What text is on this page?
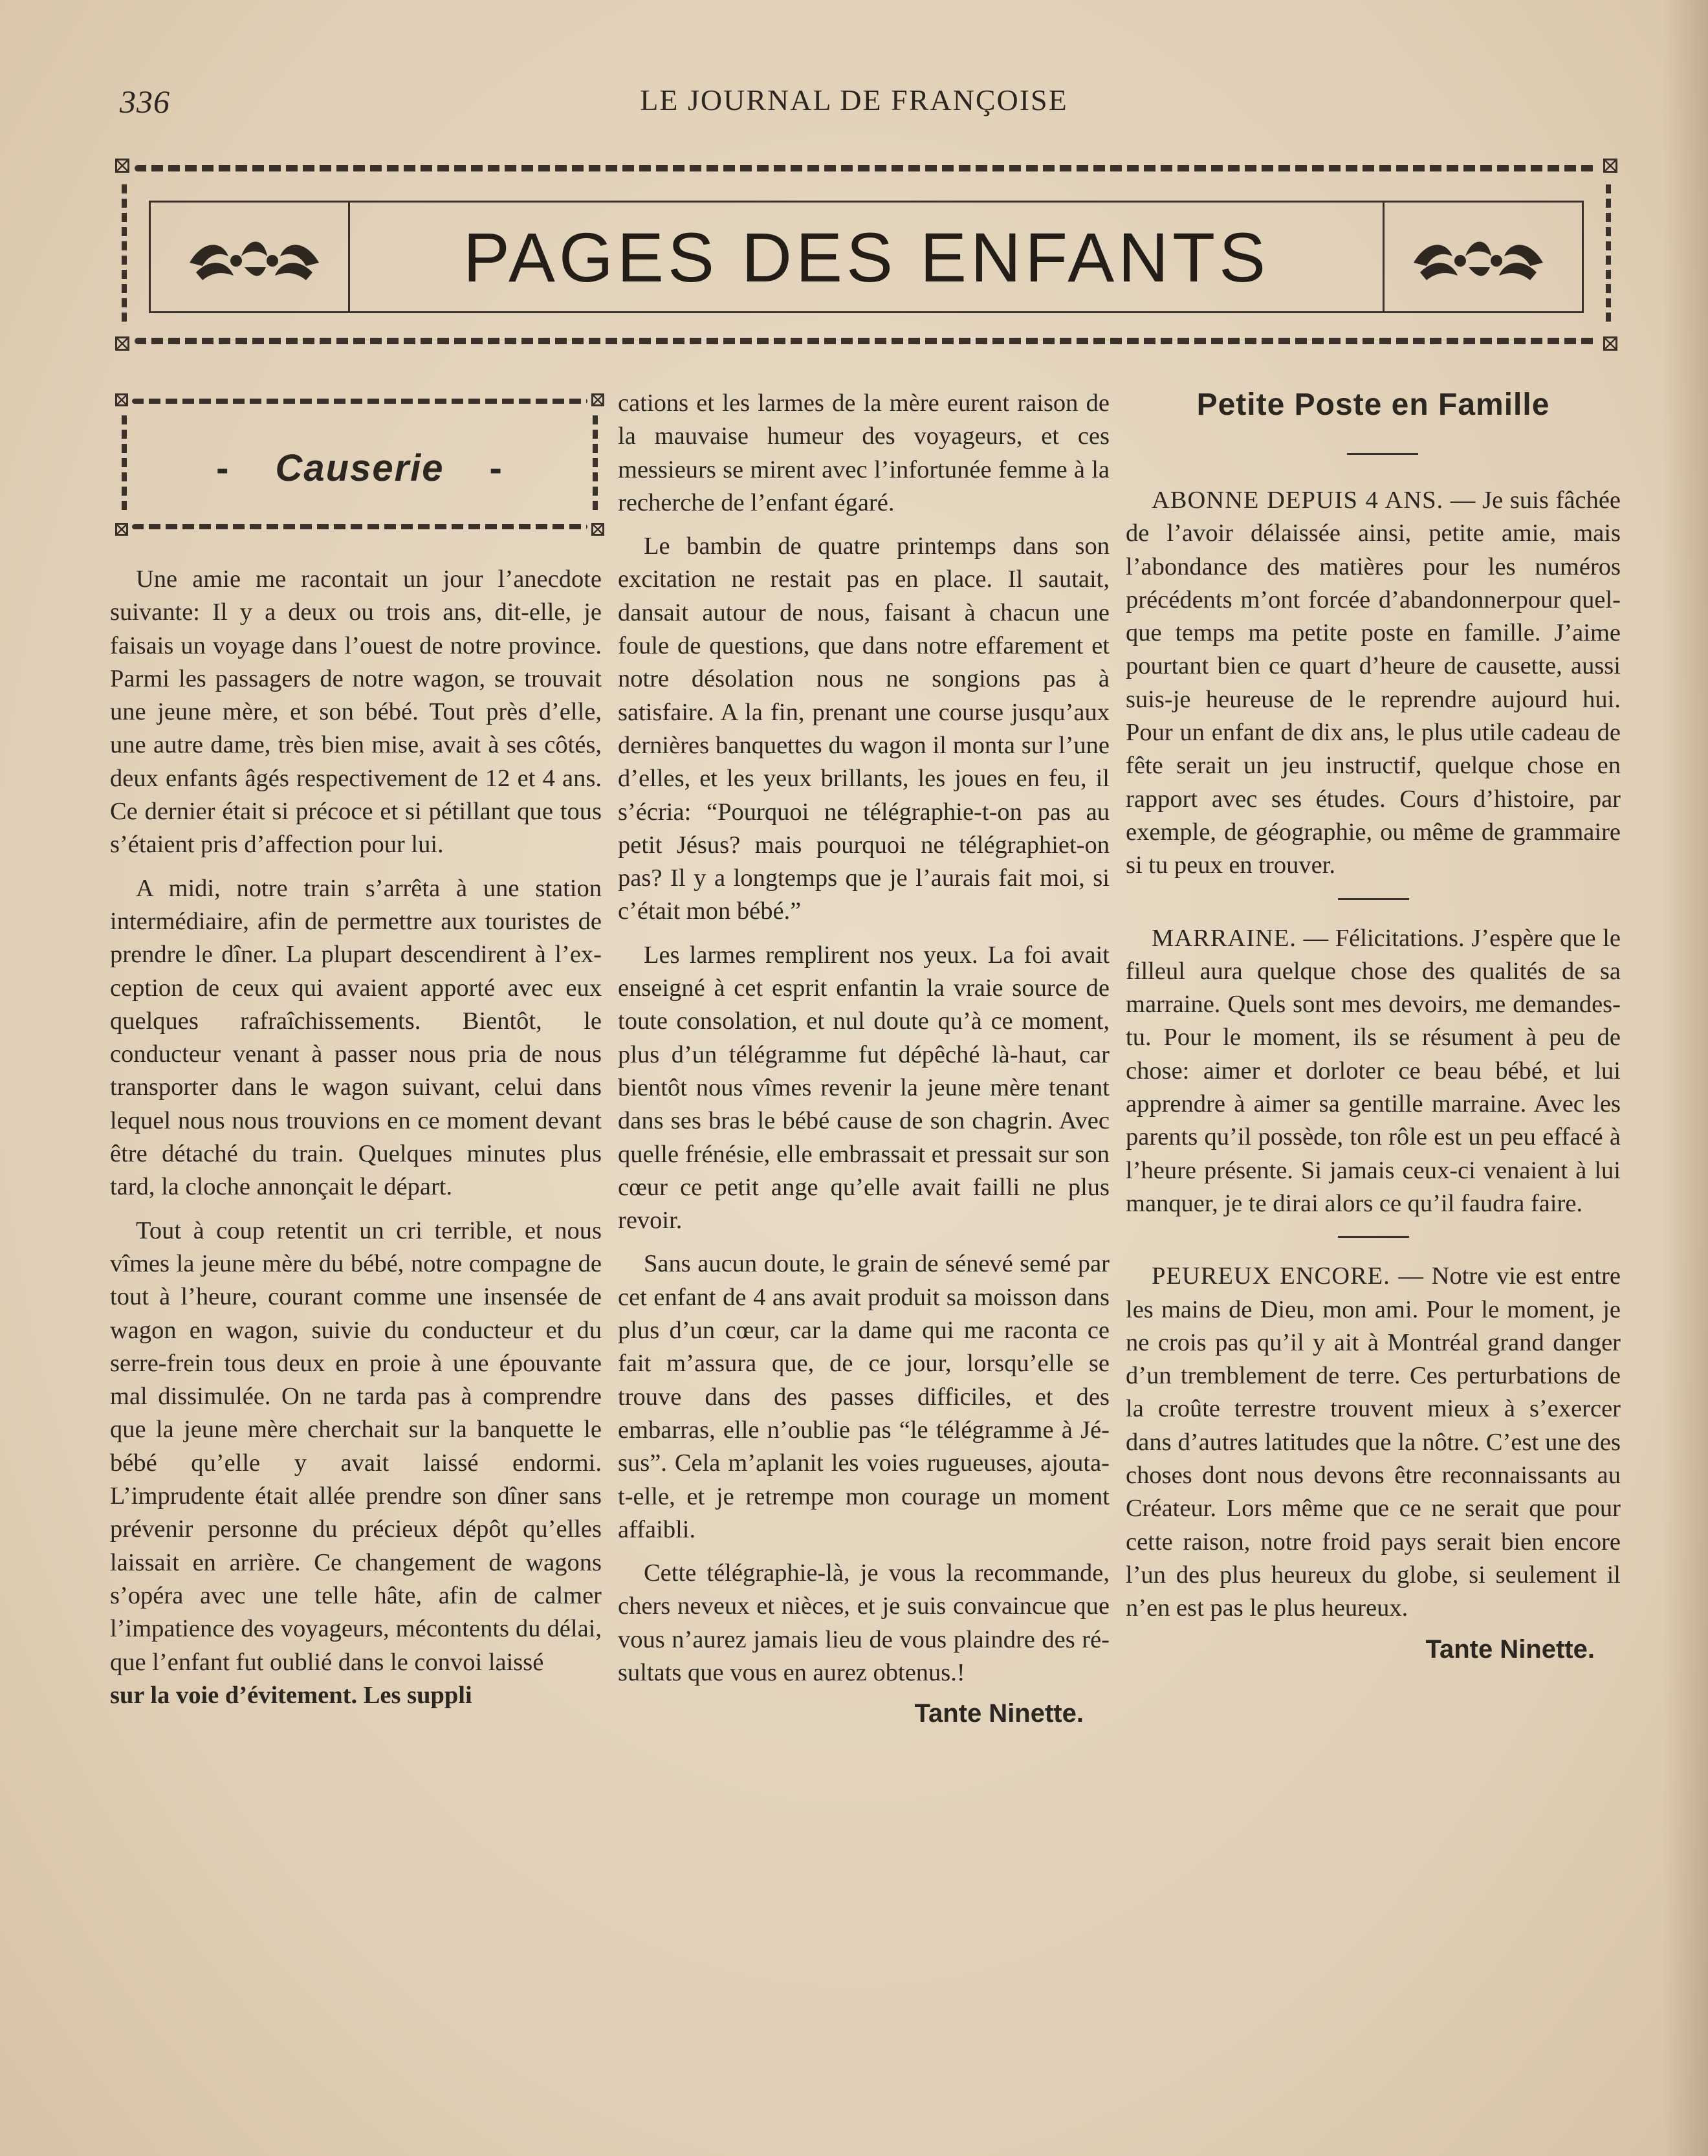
336	LE JOURNAL DE FRANÇOISE
PAGES DES ENFANTS
- Causerie -

Une amie me racontait un jour l’anecdote suivante: Il y a deux ou trois ans, dit-elle, je faisais un voyage dans l’ouest de notre province. Parmi les passagers de notre wagon, se trouvait une jeune mère, et son bébé. Tout près d’elle, une autre dame, très bien mise, avait à ses côtés, deux enfants âgés respectivement de 12 et 4 ans. Ce dernier était si précoce et si pétillant que tous s’étaient pris d’affection pour lui.

A midi, notre train s’arrêta à une station intermédiaire, afin de permettre aux touristes de prendre le dîner. La plupart descendirent à l’exception de ceux qui avaient apporté avec eux quelques rafraîchissements. Bientôt, le conducteur venant à passer nous pria de nous transporter dans le wagon suivant, celui dans lequel nous nous trouvions en ce moment devant être détaché du train. Quelques minutes plus tard, la cloche annonçait le départ.

Tout à coup retentit un cri terrible, et nous vîmes la jeune mère du bébé, notre compagne de tout à l’heure, courant comme une insensée de wagon en wagon, suivie du conducteur et du serre-frein tous deux en proie à une épouvante mal dissimulée. On ne tarda pas à comprendre que la jeune mère cherchait sur la banquette le bébé qu’elle y avait laissé endormi. L’imprudente était allée prendre son dîner sans prévenir personne du précieux dépôt qu’elles laissait en arrière. Ce changement de wagons s’opéra avec une telle hâte, afin de calmer l’impatience des voyageurs, mécontents du délai, que l’enfant fut oublié dans le convoi laissé

sur la voie d’évitement. Les suppli

cations et les larmes de la mère eurent raison de la mauvaise humeur des voyageurs, et ces messieurs se mirent avec l’infortunée femme à la recherche de l’enfant égaré.

Le bambin de quatre printemps dans son excitation ne restait pas en place. Il sautait, dansait autour de nous, faisant à chacun une foule de questions, que dans notre effarement et notre désolation nous ne songions pas à satisfaire. A la fin, prenant une course jusqu’aux dernières banquettes du wagon il monta sur l’une d’elles, et les yeux brillants, les joues en feu, il s’écria: “Pourquoi ne télégraphie-t-on pas au petit Jésus? mais pourquoi ne télégraphiet-on pas? Il y a longtemps que je l’aurais fait moi, si c’était mon bébé.”

Les larmes remplirent nos yeux. La foi avait enseigné à cet esprit enfantin la vraie source de toute consolation, et nul doute qu’à ce moment, plus d’un télégramme fut dépêché là-haut, car bientôt nous vîmes revenir la jeune mère tenant dans ses bras le bébé cause de son chagrin. Avec quelle frénésie, elle embrassait et pressait sur son cœur ce petit ange qu’elle avait failli ne plus revoir.

Sans aucun doute, le grain de sénevé semé par cet enfant de 4 ans avait produit sa moisson dans plus d’un cœur, car la dame qui me raconta ce fait m’assura que, de ce jour, lorsqu’elle se trouve dans des passes difficiles, et des embarras, elle n’oublie pas “le télégramme à Jésus”. Cela m’aplanit les voies rugueuses, ajouta-t-elle, et je retrempe mon courage un moment affaibli.

Cette télégraphie-là, je vous la recommande, chers neveux et nièces, et je suis convaincue que vous n’aurez jamais lieu de vous plaindre des résultats que vous en aurez obtenus.!

Tante Ninette.
Petite Poste en Famille

ABONNE DEPUIS 4 ANS. — Je suis fâchée de l’avoir délaissée ainsi, petite amie, mais l’abondance des matières pour les numéros précédents m’ont forcée d’abandonnerpour quelque temps ma petite poste en famille. J’aime pourtant bien ce quart d’heure de causette, aussi suis-je heureuse de le reprendre aujourd hui. Pour un enfant de dix ans, le plus utile cadeau de fête serait un jeu instructif, quelque chose en rapport avec ses études. Cours d’histoire, par exemple, de géographie, ou même de grammaire si tu peux en trouver.

MARRAINE. — Félicitations. J’espère que le filleul aura quelque chose des qualités de sa marraine. Quels sont mes devoirs, me demandes-tu. Pour le moment, ils se résument à peu de chose: aimer et dorloter ce beau bébé, et lui apprendre à aimer sa gentille marraine. Avec les parents qu’il possède, ton rôle est un peu effacé à l’heure présente. Si jamais ceux-ci venaient à lui manquer, je te dirai alors ce qu’il faudra faire.

PEUREUX ENCORE. — Notre vie est entre les mains de Dieu, mon ami. Pour le moment, je ne crois pas qu’il y ait à Montréal grand danger d’un tremblement de terre. Ces perturbations de la croûte terrestre trouvent mieux à s’exercer dans d’autres latitudes que la nôtre. C’est une des choses dont nous devons être reconnaissants au Créateur. Lors même que ce ne serait que pour cette raison, notre froid pays serait bien encore l’un des plus heureux du globe, si seulement il n’en est pas le plus heureux.

Tante Ninette.
